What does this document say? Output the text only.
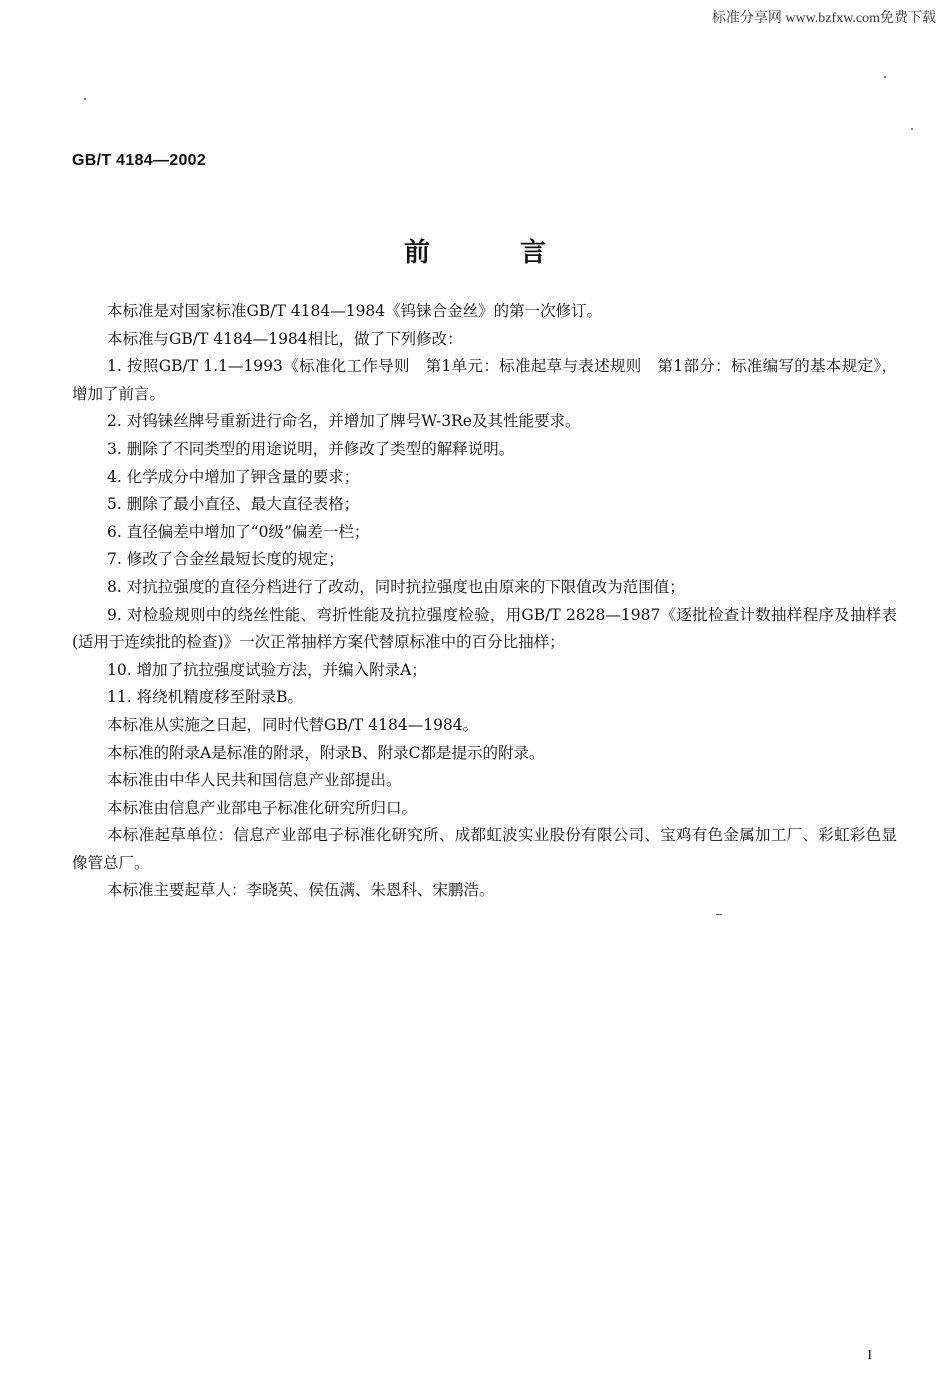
标准分享网 www.bzfxw.com免费下载
GB/T 4184—2002
前言

本标准是对国家标准GB/T 4184—1984《钨铼合金丝》的第一次修订。

本标准与GB/T 4184—1984相比，做了下列修改：

1. 按照GB/T 1.1—1993《标准化工作导则　第1单元：标准起草与表述规则　第1部分：标准编写的基本规定》，增加了前言。

2. 对钨铼丝牌号重新进行命名，并增加了牌号W-3Re及其性能要求。

3. 删除了不同类型的用途说明，并修改了类型的解释说明。

4. 化学成分中增加了钾含量的要求；

5. 删除了最小直径、最大直径表格；

6. 直径偏差中增加了“0级”偏差一栏；

7. 修改了合金丝最短长度的规定；

8. 对抗拉强度的直径分档进行了改动，同时抗拉强度也由原来的下限值改为范围值；

9. 对检验规则中的绕丝性能、弯折性能及抗拉强度检验，用GB/T 2828—1987《逐批检查计数抽样程序及抽样表(适用于连续批的检查)》一次正常抽样方案代替原标准中的百分比抽样；

10. 增加了抗拉强度试验方法，并编入附录A；

11. 将绕机精度移至附录B。

本标准从实施之日起，同时代替GB/T 4184—1984。

本标准的附录A是标准的附录，附录B、附录C都是提示的附录。

本标准由中华人民共和国信息产业部提出。

本标准由信息产业部电子标准化研究所归口。

本标准起草单位：信息产业部电子标准化研究所、成都虹波实业股份有限公司、宝鸡有色金属加工厂、彩虹彩色显像管总厂。

本标准主要起草人：李晓英、侯伍满、朱恩科、宋鹏浩。

I
